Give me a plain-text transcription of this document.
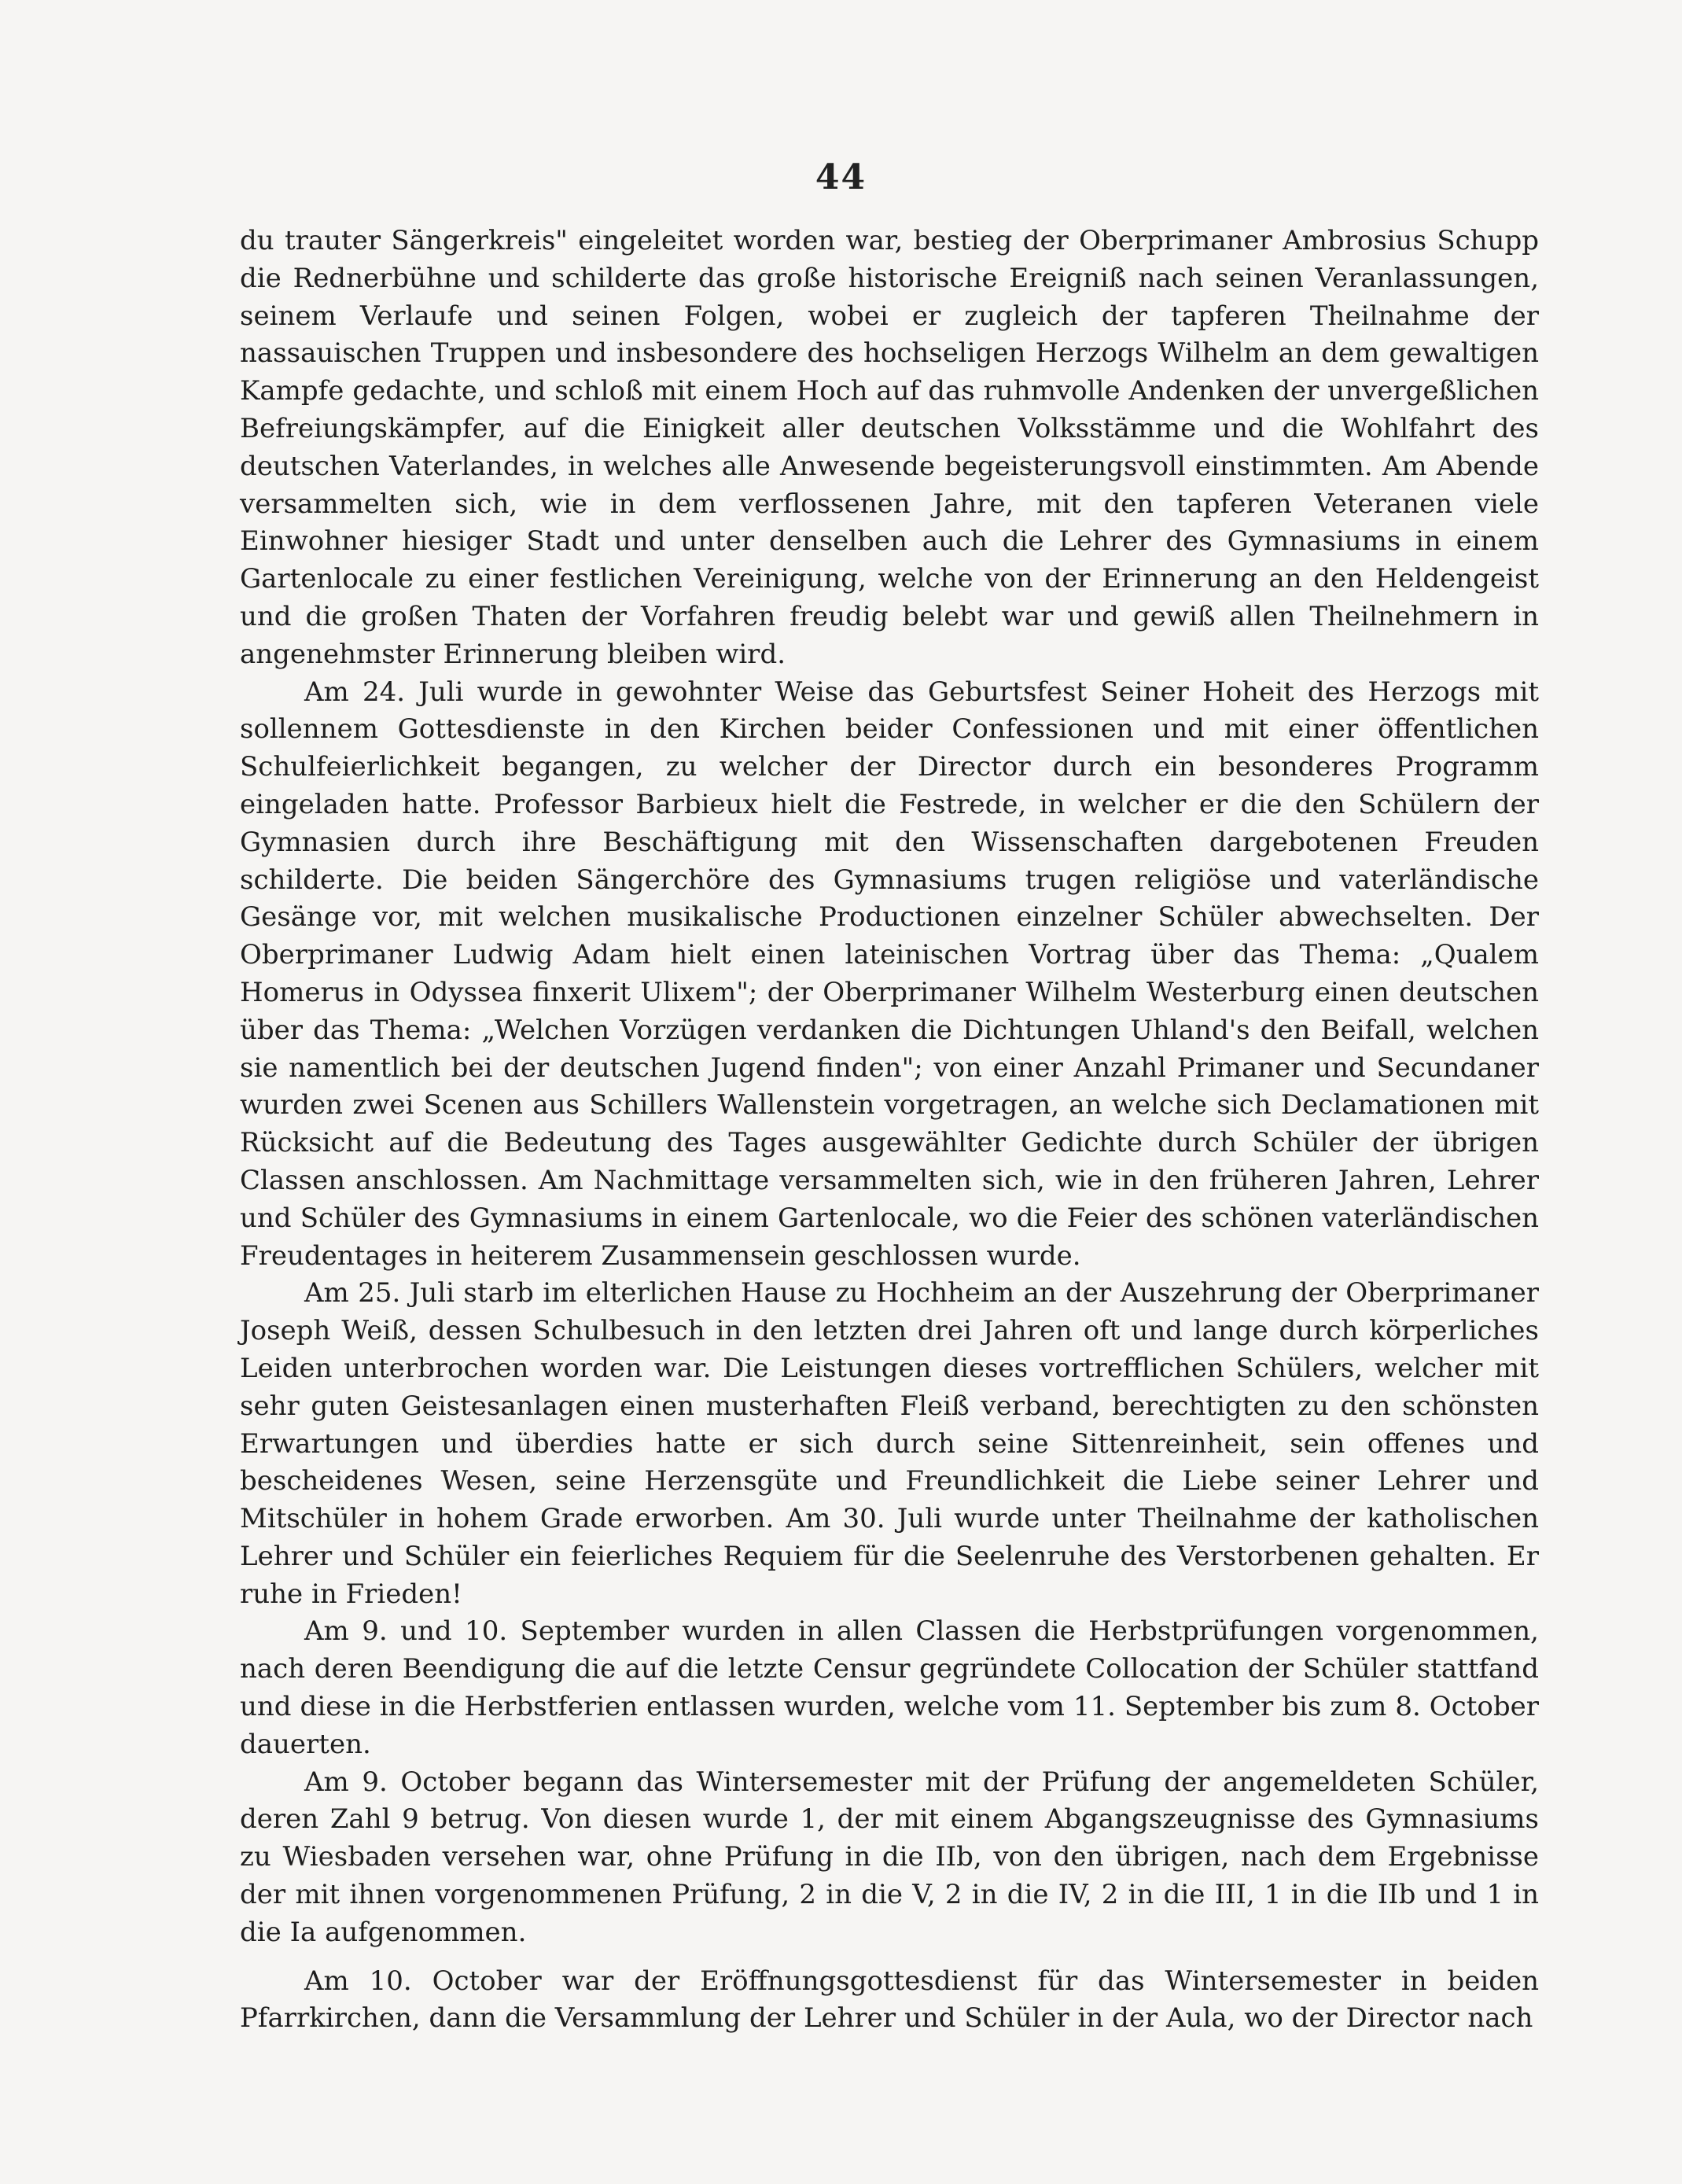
44

du trauter Sängerkreis" eingeleitet worden war, bestieg der Oberprimaner Ambrosius Schupp die Rednerbühne und schilderte das große historische Ereigniß nach seinen Veranlassungen, seinem Verlaufe und seinen Folgen, wobei er zugleich der tapferen Theilnahme der nassauischen Truppen und insbesondere des hochseligen Herzogs Wilhelm an dem gewaltigen Kampfe gedachte, und schloß mit einem Hoch auf das ruhmvolle Andenken der unvergeßlichen Befreiungskämpfer, auf die Einigkeit aller deutschen Volksstämme und die Wohlfahrt des deutschen Vaterlandes, in welches alle Anwesende begeisterungsvoll einstimmten. Am Abende versammelten sich, wie in dem verflossenen Jahre, mit den tapferen Veteranen viele Einwohner hiesiger Stadt und unter denselben auch die Lehrer des Gymnasiums in einem Gartenlocale zu einer festlichen Vereinigung, welche von der Erinnerung an den Heldengeist und die großen Thaten der Vorfahren freudig belebt war und gewiß allen Theilnehmern in angenehmster Erinnerung bleiben wird.

Am 24. Juli wurde in gewohnter Weise das Geburtsfest Seiner Hoheit des Herzogs mit sollennem Gottesdienste in den Kirchen beider Confessionen und mit einer öffentlichen Schulfeierlichkeit begangen, zu welcher der Director durch ein besonderes Programm eingeladen hatte. Professor Barbieux hielt die Festrede, in welcher er die den Schülern der Gymnasien durch ihre Beschäftigung mit den Wissenschaften dargebotenen Freuden schilderte. Die beiden Sängerchöre des Gymnasiums trugen religiöse und vaterländische Gesänge vor, mit welchen musikalische Productionen einzelner Schüler abwechselten. Der Oberprimaner Ludwig Adam hielt einen lateinischen Vortrag über das Thema: „Qualem Homerus in Odyssea finxerit Ulixem"; der Oberprimaner Wilhelm Westerburg einen deutschen über das Thema: „Welchen Vorzügen verdanken die Dichtungen Uhland's den Beifall, welchen sie namentlich bei der deutschen Jugend finden"; von einer Anzahl Primaner und Secundaner wurden zwei Scenen aus Schillers Wallenstein vorgetragen, an welche sich Declamationen mit Rücksicht auf die Bedeutung des Tages ausgewählter Gedichte durch Schüler der übrigen Classen anschlossen. Am Nachmittage versammelten sich, wie in den früheren Jahren, Lehrer und Schüler des Gymnasiums in einem Gartenlocale, wo die Feier des schönen vaterländischen Freudentages in heiterem Zusammensein geschlossen wurde.

Am 25. Juli starb im elterlichen Hause zu Hochheim an der Auszehrung der Oberprimaner Joseph Weiß, dessen Schulbesuch in den letzten drei Jahren oft und lange durch körperliches Leiden unterbrochen worden war. Die Leistungen dieses vortrefflichen Schülers, welcher mit sehr guten Geistesanlagen einen musterhaften Fleiß verband, berechtigten zu den schönsten Erwartungen und überdies hatte er sich durch seine Sittenreinheit, sein offenes und bescheidenes Wesen, seine Herzensgüte und Freundlichkeit die Liebe seiner Lehrer und Mitschüler in hohem Grade erworben. Am 30. Juli wurde unter Theilnahme der katholischen Lehrer und Schüler ein feierliches Requiem für die Seelenruhe des Verstorbenen gehalten. Er ruhe in Frieden!

Am 9. und 10. September wurden in allen Classen die Herbstprüfungen vorgenommen, nach deren Beendigung die auf die letzte Censur gegründete Collocation der Schüler stattfand und diese in die Herbstferien entlassen wurden, welche vom 11. September bis zum 8. October dauerten.

Am 9. October begann das Wintersemester mit der Prüfung der angemeldeten Schüler, deren Zahl 9 betrug. Von diesen wurde 1, der mit einem Abgangszeugnisse des Gymnasiums zu Wiesbaden versehen war, ohne Prüfung in die IIb, von den übrigen, nach dem Ergebnisse der mit ihnen vorgenommenen Prüfung, 2 in die V, 2 in die IV, 2 in die III, 1 in die IIb und 1 in die Ia aufgenommen.

Am 10. October war der Eröffnungsgottesdienst für das Wintersemester in beiden Pfarrkirchen, dann die Versammlung der Lehrer und Schüler in der Aula, wo der Director nach
